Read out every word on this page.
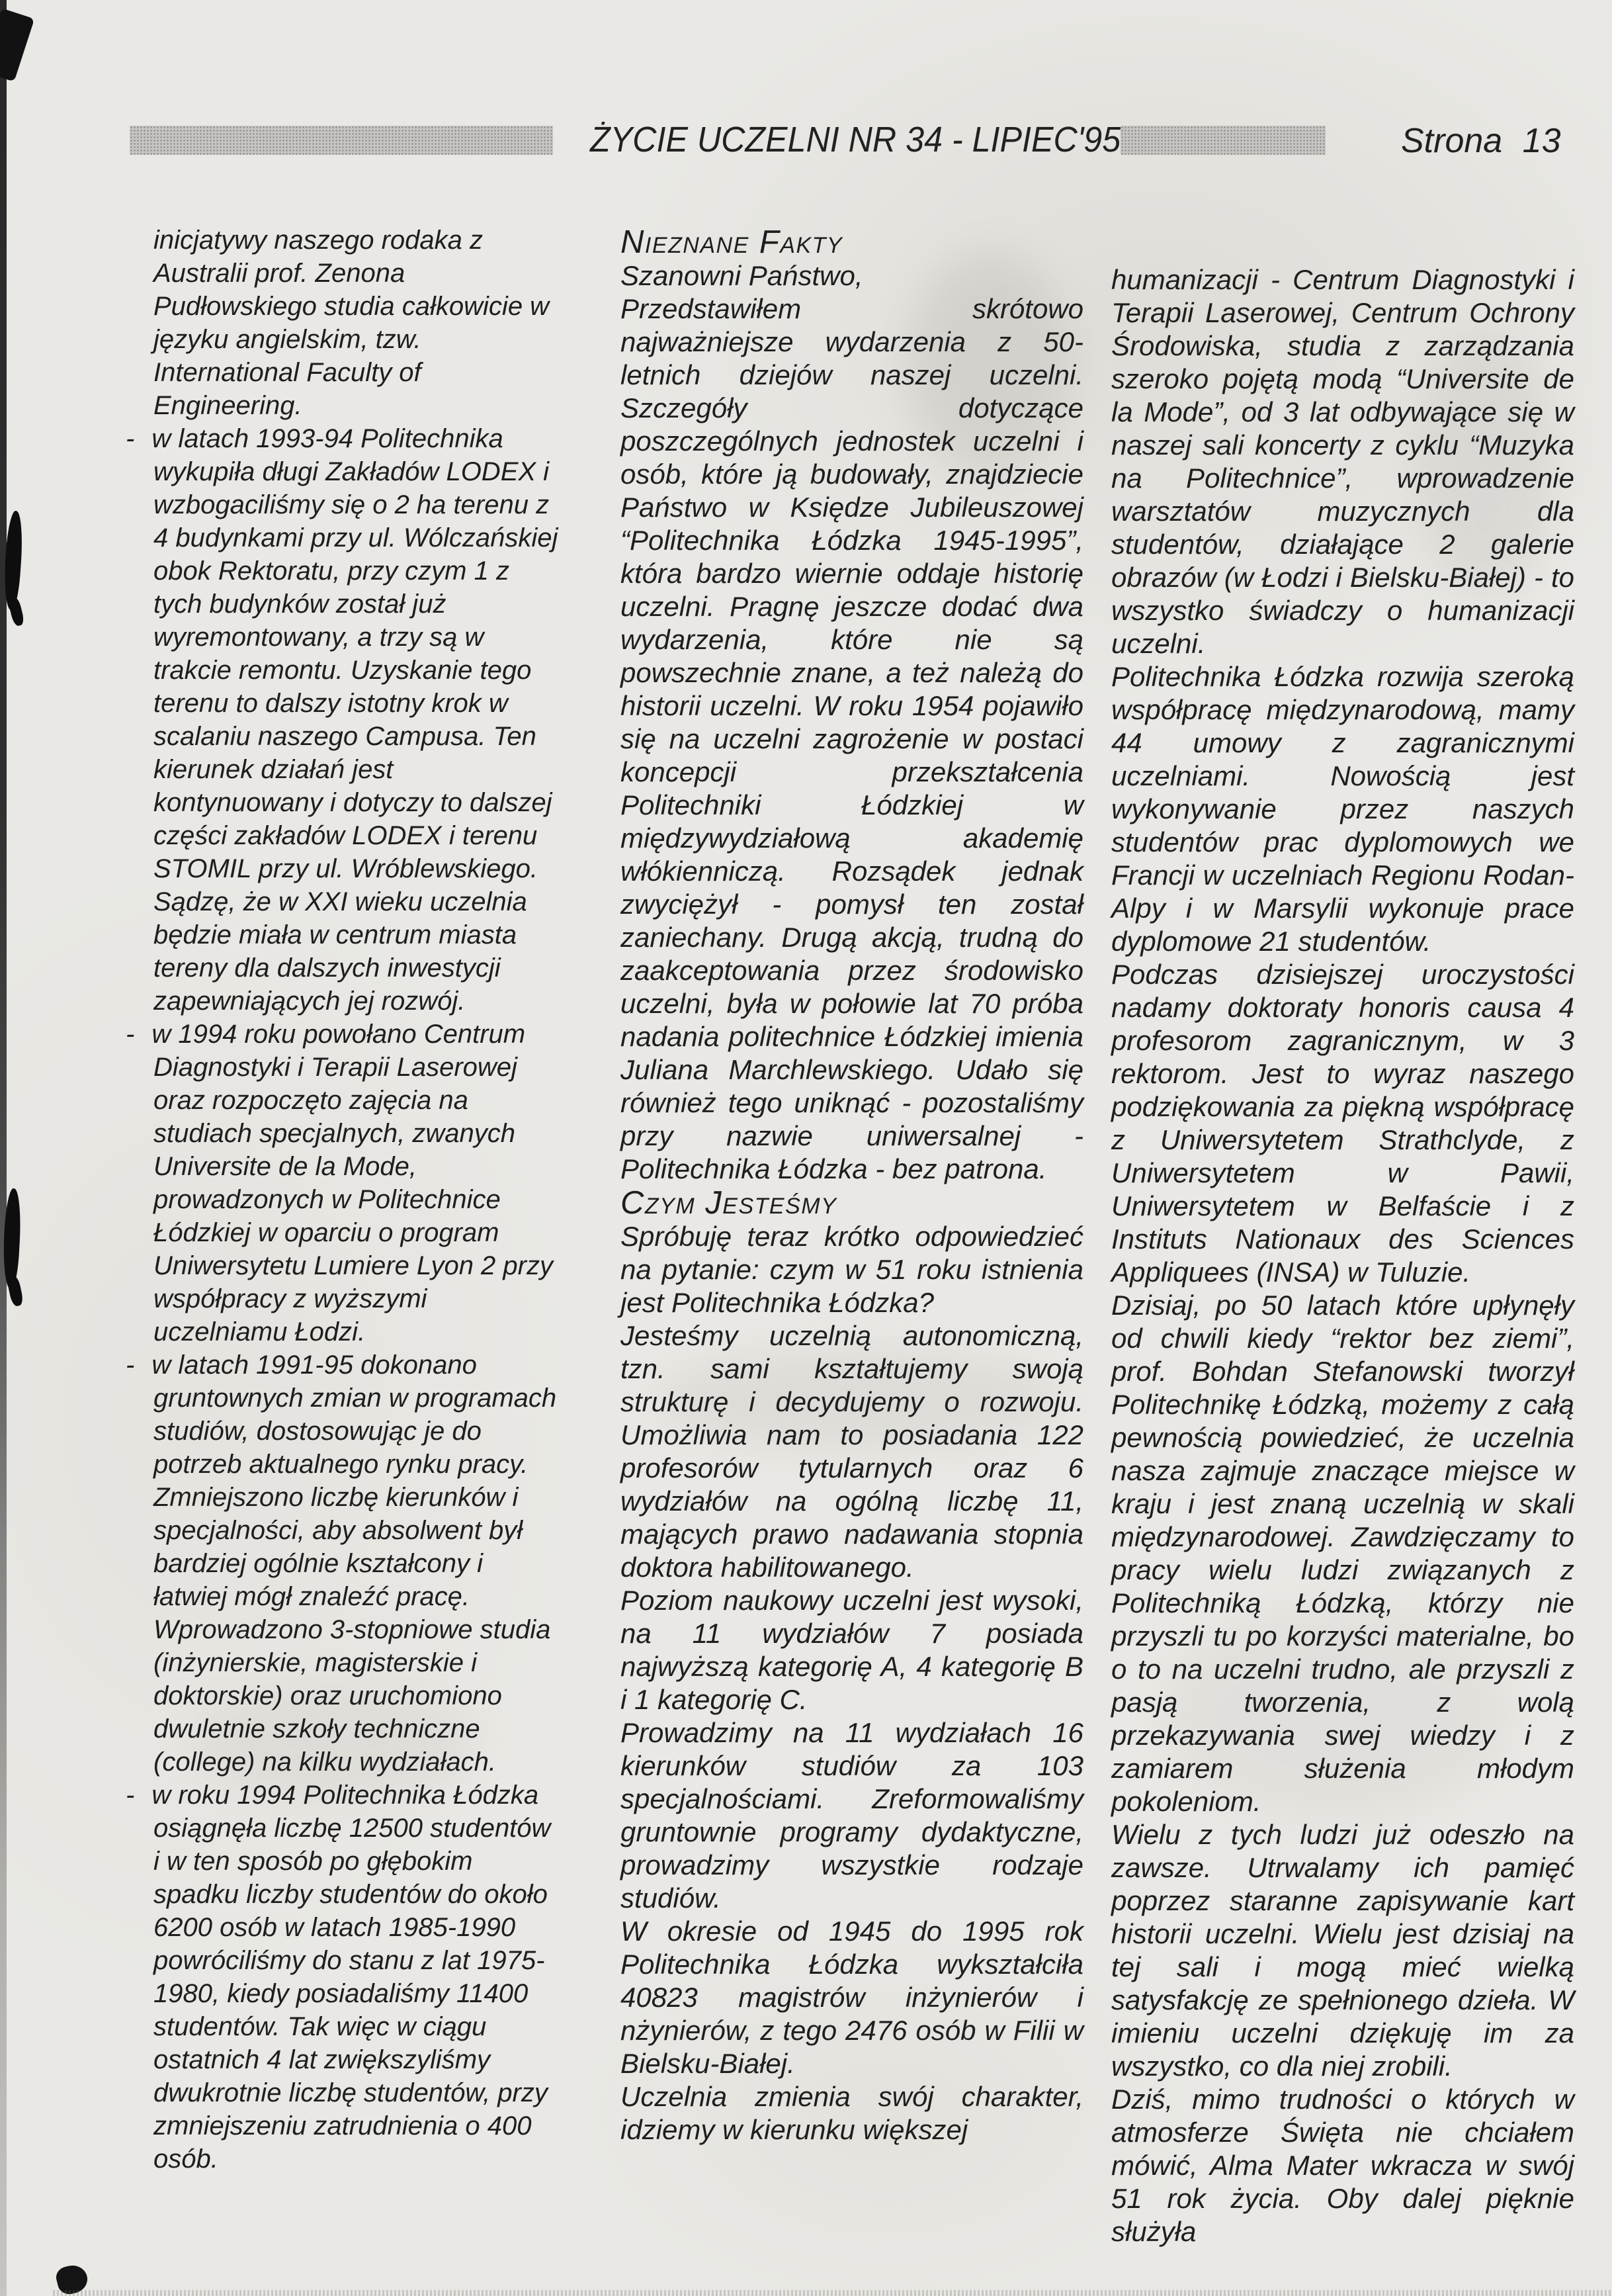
ŻYCIE UCZELNI NR 34 - LIPIEC'95	Strona 13

inicjatywy naszego rodaka z Australii prof. Zenona Pudłowskiego studia całkowicie w języku angielskim, tzw. International Faculty of Engineering.

- w latach 1993-94 Politechnika wykupiła długi Zakładów LODEX i wzbogaciliśmy się o 2 ha terenu z 4 budynkami przy ul. Wólczańskiej obok Rektoratu, przy czym 1 z tych budynków został już wyremontowany, a trzy są w trakcie remontu. Uzyskanie tego terenu to dalszy istotny krok w scalaniu naszego Campusa. Ten kierunek działań jest kontynuowany i dotyczy to dalszej części zakładów LODEX i terenu STOMIL przy ul. Wróblewskiego. Sądzę, że w XXI wieku uczelnia będzie miała w centrum miasta tereny dla dalszych inwestycji zapewniających jej rozwój.
- w 1994 roku powołano Centrum Diagnostyki i Terapii Laserowej oraz rozpoczęto zajęcia na studiach specjalnych, zwanych Universite de la Mode, prowadzonych w Politechnice Łódzkiej w oparciu o program Uniwersytetu Lumiere Lyon 2 przy współpracy z wyższymi uczelniamu Łodzi.
- w latach 1991-95 dokonano gruntownych zmian w programach studiów, dostosowując je do potrzeb aktualnego rynku pracy. Zmniejszono liczbę kierunków i specjalności, aby absolwent był bardziej ogólnie kształcony i łatwiej mógł znaleźć pracę. Wprowadzono 3-stopniowe studia (inżynierskie, magisterskie i doktorskie) oraz uruchomiono dwuletnie szkoły techniczne (college) na kilku wydziałach.
- w roku 1994 Politechnika Łódzka osiągnęła liczbę 12500 studentów i w ten sposób po głębokim spadku liczby studentów do około 6200 osób w latach 1985-1990 powróciliśmy do stanu z lat 1975-1980, kiedy posiadaliśmy 11400 studentów. Tak więc w ciągu ostatnich 4 lat zwiększyliśmy dwukrotnie liczbę studentów, przy zmniejszeniu zatrudnienia o 400 osób.

Nieznane Fakty

Szanowni Państwo,

Przedstawiłem skrótowo najważniejsze wydarzenia z 50-letnich dziejów naszej uczelni. Szczegóły dotyczące poszczególnych jednostek uczelni i osób, które ją budowały, znajdziecie Państwo w Księdze Jubileuszowej “Politechnika Łódzka 1945-1995”, która bardzo wiernie oddaje historię uczelni. Pragnę jeszcze dodać dwa wydarzenia, które nie są powszechnie znane, a też należą do historii uczelni. W roku 1954 pojawiło się na uczelni zagrożenie w postaci koncepcji przekształcenia Politechniki Łódzkiej w międzywydziałową akademię włókienniczą. Rozsądek jednak zwyciężył - pomysł ten został zaniechany. Drugą akcją, trudną do zaakceptowania przez środowisko uczelni, była w połowie lat 70 próba nadania politechnice Łódzkiej imienia Juliana Marchlewskiego. Udało się również tego uniknąć - pozostaliśmy przy nazwie uniwersalnej - Politechnika Łódzka - bez patrona.

Czym Jesteśmy

Spróbuję teraz krótko odpowiedzieć na pytanie: czym w 51 roku istnienia jest Politechnika Łódzka?

Jesteśmy uczelnią autonomiczną, tzn. sami kształtujemy swoją strukturę i decydujemy o rozwoju. Umożliwia nam to posiadania 122 profesorów tytularnych oraz 6 wydziałów na ogólną liczbę 11, mających prawo nadawania stopnia doktora habilitowanego.

Poziom naukowy uczelni jest wysoki, na 11 wydziałów 7 posiada najwyższą kategorię A, 4 kategorię B i 1 kategorię C.

Prowadzimy na 11 wydziałach 16 kierunków studiów za 103 specjalnościami. Zreformowaliśmy gruntownie programy dydaktyczne, prowadzimy wszystkie rodzaje studiów.

W okresie od 1945 do 1995 rok Politechnika Łódzka wykształciła 40823 magistrów inżynierów i nżynierów, z tego 2476 osób w Filii w Bielsku-Białej.

Uczelnia zmienia swój charakter, idziemy w kierunku większej

humanizacji - Centrum Diagnostyki i Terapii Laserowej, Centrum Ochrony Środowiska, studia z zarządzania szeroko pojętą modą “Universite de la Mode”, od 3 lat odbywające się w naszej sali koncerty z cyklu “Muzyka na Politechnice”, wprowadzenie warsztatów muzycznych dla studentów, działające 2 galerie obrazów (w Łodzi i Bielsku-Białej) - to wszystko świadczy o humanizacji uczelni.

Politechnika Łódzka rozwija szeroką współpracę międzynarodową, mamy 44 umowy z zagranicznymi uczelniami. Nowością jest wykonywanie przez naszych studentów prac dyplomowych we Francji w uczelniach Regionu Rodan-Alpy i w Marsylii wykonuje prace dyplomowe 21 studentów.

Podczas dzisiejszej uroczystości nadamy doktoraty honoris causa 4 profesorom zagranicznym, w 3 rektorom. Jest to wyraz naszego podziękowania za piękną współpracę z Uniwersytetem Strathclyde, z Uniwersytetem w Pawii, Uniwersytetem w Belfaście i z Instituts Nationaux des Sciences Appliquees (INSA) w Tuluzie.

Dzisiaj, po 50 latach które upłynęły od chwili kiedy “rektor bez ziemi”, prof. Bohdan Stefanowski tworzył Politechnikę Łódzką, możemy z całą pewnością powiedzieć, że uczelnia nasza zajmuje znaczące miejsce w kraju i jest znaną uczelnią w skali międzynarodowej. Zawdzięczamy to pracy wielu ludzi związanych z Politechniką Łódzką, którzy nie przyszli tu po korzyści materialne, bo o to na uczelni trudno, ale przyszli z pasją tworzenia, z wolą przekazywania swej wiedzy i z zamiarem służenia młodym pokoleniom.

Wielu z tych ludzi już odeszło na zawsze. Utrwalamy ich pamięć poprzez staranne zapisywanie kart historii uczelni. Wielu jest dzisiaj na tej sali i mogą mieć wielką satysfakcję ze spełnionego dzieła. W imieniu uczelni dziękuję im za wszystko, co dla niej zrobili.

Dziś, mimo trudności o których w atmosferze Święta nie chciałem mówić, Alma Mater wkracza w swój 51 rok życia. Oby dalej pięknie służyła
